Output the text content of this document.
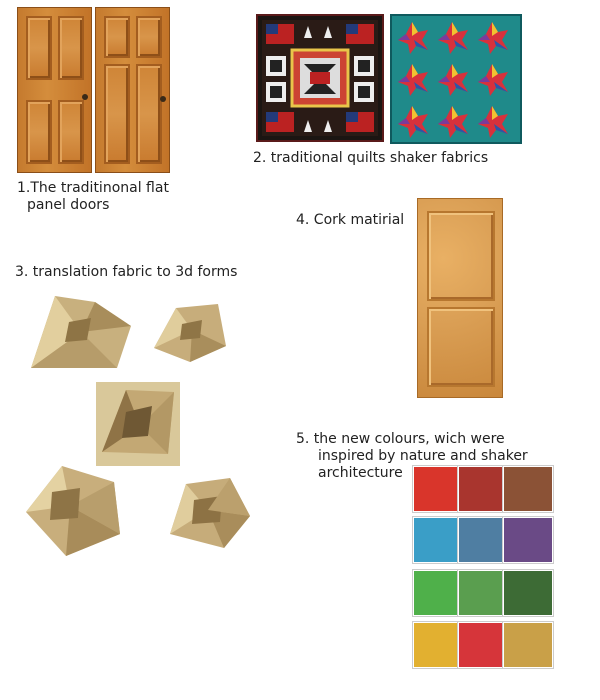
1.The traditinonal flat
panel doors
2. traditional quilts shaker fabrics
4. Cork matirial
3. translation fabric to 3d forms
5. the new colours, wich were
inspired by nature and shaker
architecture
